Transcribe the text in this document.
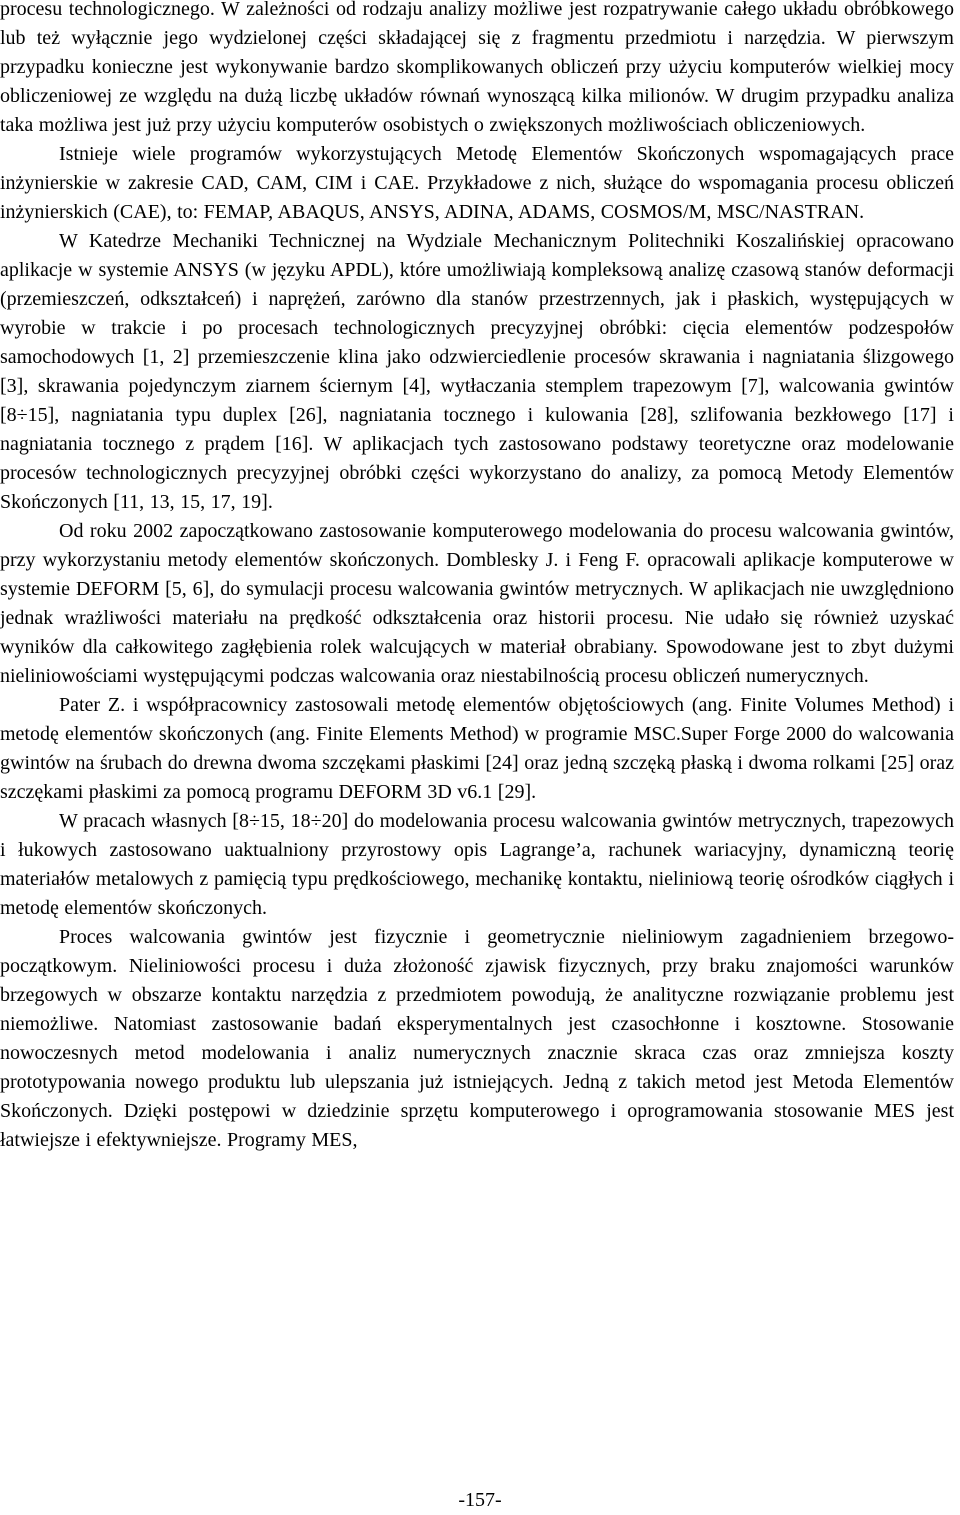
procesu technologicznego. W zależności od rodzaju analizy możliwe jest rozpatrywanie całego układu obróbkowego lub też wyłącznie jego wydzielonej części składającej się z fragmentu przedmiotu i narzędzia. W pierwszym przypadku konieczne jest wykonywanie bardzo skomplikowanych obliczeń przy użyciu komputerów wielkiej mocy obliczeniowej ze względu na dużą liczbę układów równań wynoszącą kilka milionów. W drugim przypadku analiza taka możliwa jest już przy użyciu komputerów osobistych o zwiększonych możliwościach obliczeniowych.

Istnieje wiele programów wykorzystujących Metodę Elementów Skończonych wspomagających prace inżynierskie w zakresie CAD, CAM, CIM i CAE. Przykładowe z nich, służące do wspomagania procesu obliczeń inżynierskich (CAE), to: FEMAP, ABAQUS, ANSYS, ADINA, ADAMS, COSMOS/M, MSC/NASTRAN.

W Katedrze Mechaniki Technicznej na Wydziale Mechanicznym Politechniki Koszalińskiej opracowano aplikacje w systemie ANSYS (w języku APDL), które umożliwiają kompleksową analizę czasową stanów deformacji (przemieszczeń, odkształceń) i naprężeń, zarówno dla stanów przestrzennych, jak i płaskich, występujących w wyrobie w trakcie i po procesach technologicznych precyzyjnej obróbki: cięcia elementów podzespołów samochodowych [1, 2] przemieszczenie klina jako odzwierciedlenie procesów skrawania i nagniatania ślizgowego [3], skrawania pojedynczym ziarnem ściernym [4], wytłaczania stemplem trapezowym [7], walcowania gwintów [8÷15], nagniatania typu duplex [26], nagniatania tocznego i kulowania [28], szlifowania bezkłowego [17] i nagniatania tocznego z prądem [16]. W aplikacjach tych zastosowano podstawy teoretyczne oraz modelowanie procesów technologicznych precyzyjnej obróbki części wykorzystano do analizy, za pomocą Metody Elementów Skończonych [11, 13, 15, 17, 19].

Od roku 2002 zapoczątkowano zastosowanie komputerowego modelowania do procesu walcowania gwintów, przy wykorzystaniu metody elementów skończonych. Domblesky J. i Feng F. opracowali aplikacje komputerowe w systemie DEFORM [5, 6], do symulacji procesu walcowania gwintów metrycznych. W aplikacjach nie uwzględniono jednak wrażliwości materiału na prędkość odkształcenia oraz historii procesu. Nie udało się również uzyskać wyników dla całkowitego zagłębienia rolek walcujących w materiał obrabiany. Spowodowane jest to zbyt dużymi nieliniowościami występującymi podczas walcowania oraz niestabilnością procesu obliczeń numerycznych.

Pater Z. i współpracownicy zastosowali metodę elementów objętościowych (ang. Finite Volumes Method) i metodę elementów skończonych (ang. Finite Elements Method) w programie MSC.Super Forge 2000 do walcowania gwintów na śrubach do drewna dwoma szczękami płaskimi [24] oraz jedną szczęką płaską i dwoma rolkami [25] oraz szczękami płaskimi za pomocą programu DEFORM 3D v6.1 [29].

W pracach własnych [8÷15, 18÷20] do modelowania procesu walcowania gwintów metrycznych, trapezowych i łukowych zastosowano uaktualniony przyrostowy opis Lagrange’a, rachunek wariacyjny, dynamiczną teorię materiałów metalowych z pamięcią typu prędkościowego, mechanikę kontaktu, nieliniową teorię ośrodków ciągłych i metodę elementów skończonych.

Proces walcowania gwintów jest fizycznie i geometrycznie nieliniowym zagadnieniem brzegowo-początkowym. Nieliniowości procesu i duża złożoność zjawisk fizycznych, przy braku znajomości warunków brzegowych w obszarze kontaktu narzędzia z przedmiotem powodują, że analityczne rozwiązanie problemu jest niemożliwe. Natomiast zastosowanie badań eksperymentalnych jest czasochłonne i kosztowne. Stosowanie nowoczesnych metod modelowania i analiz numerycznych znacznie skraca czas oraz zmniejsza koszty prototypowania nowego produktu lub ulepszania już istniejących. Jedną z takich metod jest Metoda Elementów Skończonych. Dzięki postępowi w dziedzinie sprzętu komputerowego i oprogramowania stosowanie MES jest łatwiejsze i efektywniejsze. Programy MES,

-157-
